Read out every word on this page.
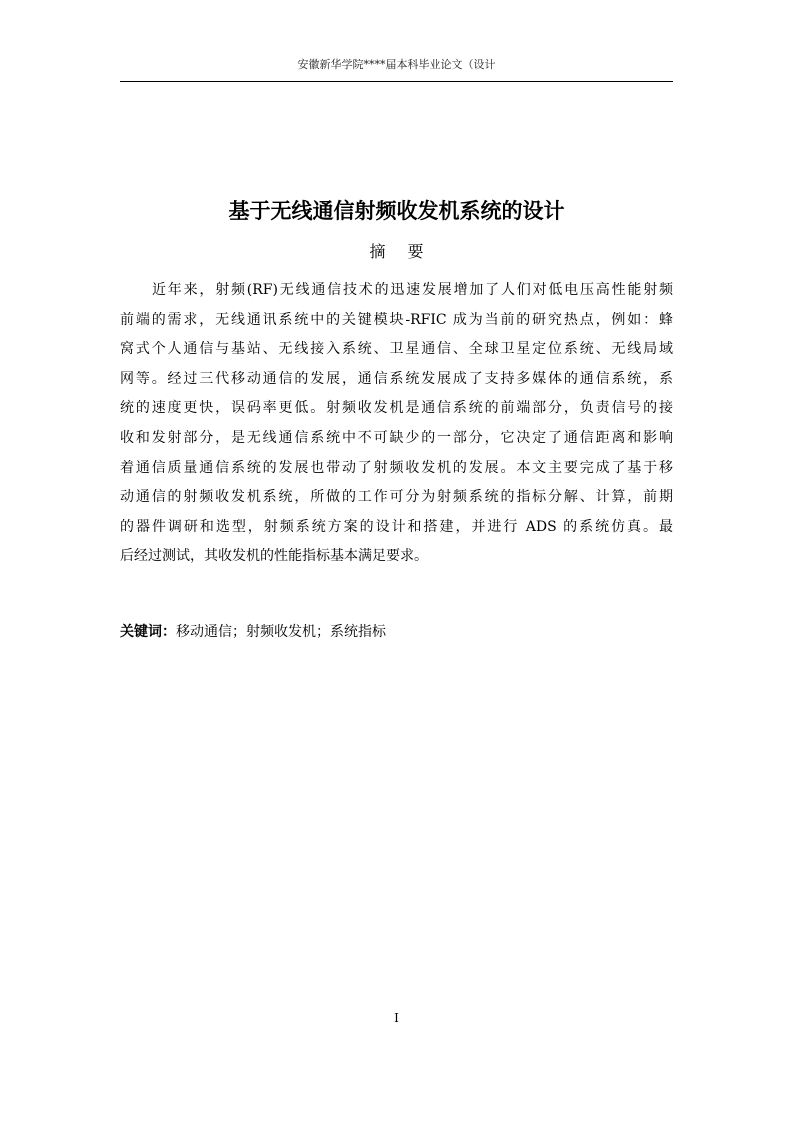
安徽新华学院****届本科毕业论文（设计
基于无线通信射频收发机系统的设计
摘要
近年来，射频(RF)无线通信技术的迅速发展增加了人们对低电压高性能射频
前端的需求，无线通讯系统中的关键模块-RFIC 成为当前的研究热点，例如：蜂
窝式个人通信与基站、无线接入系统、卫星通信、全球卫星定位系统、无线局域
网等。经过三代移动通信的发展，通信系统发展成了支持多媒体的通信系统，系
统的速度更快，误码率更低。射频收发机是通信系统的前端部分，负责信号的接
收和发射部分，是无线通信系统中不可缺少的一部分，它决定了通信距离和影响
着通信质量通信系统的发展也带动了射频收发机的发展。本文主要完成了基于移
动通信的射频收发机系统，所做的工作可分为射频系统的指标分解、计算，前期
的器件调研和选型，射频系统方案的设计和搭建，并进行 ADS 的系统仿真。最
后经过测试，其收发机的性能指标基本满足要求。
关键词：移动通信；射频收发机；系统指标
I
